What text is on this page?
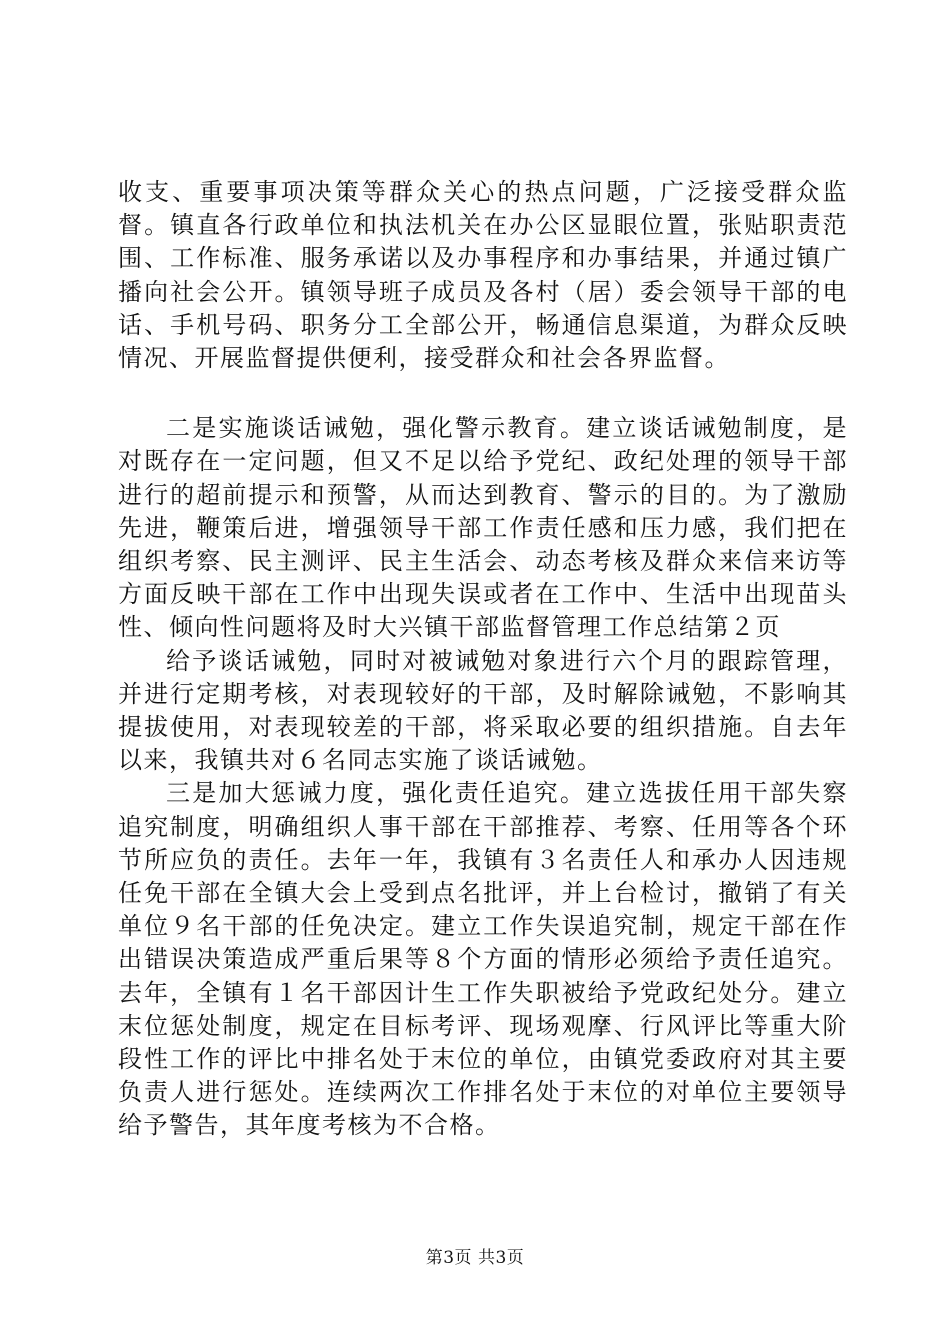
收支、重要事项决策等群众关心的热点问题，广泛接受群众监督。镇直各行政单位和执法机关在办公区显眼位置，张贴职责范围、工作标准、服务承诺以及办事程序和办事结果，并通过镇广播向社会公开。镇领导班子成员及各村（居）委会领导干部的电话、手机号码、职务分工全部公开，畅通信息渠道，为群众反映情况、开展监督提供便利，接受群众和社会各界监督。

二是实施谈话诫勉，强化警示教育。建立谈话诫勉制度，是对既存在一定问题，但又不足以给予党纪、政纪处理的领导干部进行的超前提示和预警，从而达到教育、警示的目的。为了激励先进，鞭策后进，增强领导干部工作责任感和压力感，我们把在组织考察、民主测评、民主生活会、动态考核及群众来信来访等方面反映干部在工作中出现失误或者在工作中、生活中出现苗头性、倾向性问题将及时大兴镇干部监督管理工作总结第２页

给予谈话诫勉，同时对被诫勉对象进行六个月的跟踪管理，并进行定期考核，对表现较好的干部，及时解除诫勉，不影响其提拔使用，对表现较差的干部，将采取必要的组织措施。自去年以来，我镇共对６名同志实施了谈话诫勉。

三是加大惩诫力度，强化责任追究。建立选拔任用干部失察追究制度，明确组织人事干部在干部推荐、考察、任用等各个环节所应负的责任。去年一年，我镇有３名责任人和承办人因违规任免干部在全镇大会上受到点名批评，并上台检讨，撤销了有关单位９名干部的任免决定。建立工作失误追究制，规定干部在作出错误决策造成严重后果等８个方面的情形必须给予责任追究。去年，全镇有１名干部因计生工作失职被给予党政纪处分。建立末位惩处制度，规定在目标考评、现场观摩、行风评比等重大阶段性工作的评比中排名处于末位的单位，由镇党委政府对其主要负责人进行惩处。连续两次工作排名处于末位的对单位主要领导给予警告，其年度考核为不合格。

第3页 共3页
